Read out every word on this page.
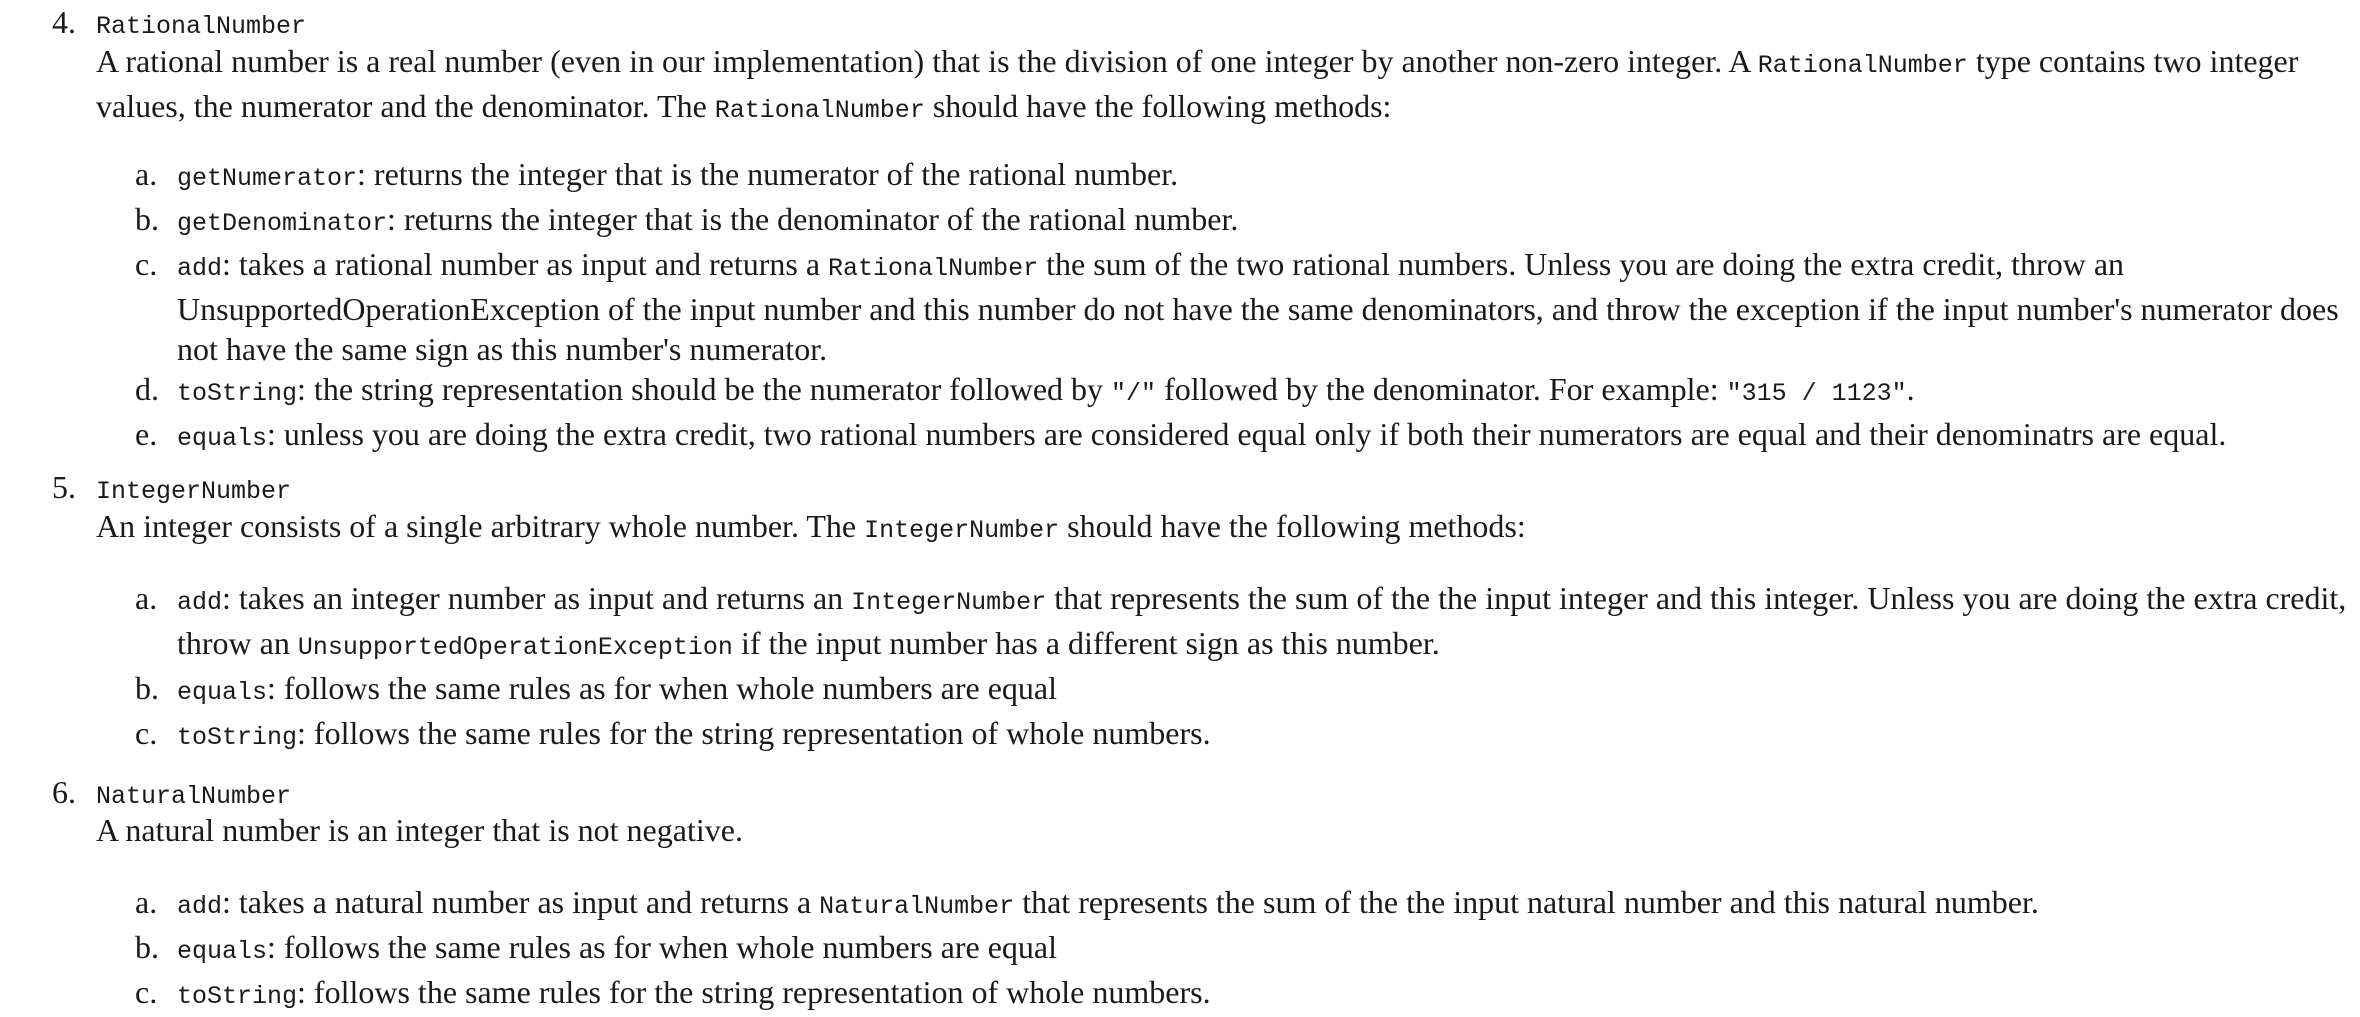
4. RationalNumber
A rational number is a real number (even in our implementation) that is the division of one integer by another non-zero integer. A RationalNumber type contains two integer values, the numerator and the denominator. The RationalNumber should have the following methods:
a. getNumerator: returns the integer that is the numerator of the rational number.
b. getDenominator: returns the integer that is the denominator of the rational number.
c. add: takes a rational number as input and returns a RationalNumber the sum of the two rational numbers. Unless you are doing the extra credit, throw an UnsupportedOperationException of the input number and this number do not have the same denominators, and throw the exception if the input number's numerator does not have the same sign as this number's numerator.
d. toString: the string representation should be the numerator followed by "/" followed by the denominator. For example: "315 / 1123".
e. equals: unless you are doing the extra credit, two rational numbers are considered equal only if both their numerators are equal and their denominatrs are equal.
5. IntegerNumber
An integer consists of a single arbitrary whole number. The IntegerNumber should have the following methods:
a. add: takes an integer number as input and returns an IntegerNumber that represents the sum of the the input integer and this integer. Unless you are doing the extra credit, throw an UnsupportedOperationException if the input number has a different sign as this number.
b. equals: follows the same rules as for when whole numbers are equal
c. toString: follows the same rules for the string representation of whole numbers.
6. NaturalNumber
A natural number is an integer that is not negative.
a. add: takes a natural number as input and returns a NaturalNumber that represents the sum of the the input natural number and this natural number.
b. equals: follows the same rules as for when whole numbers are equal
c. toString: follows the same rules for the string representation of whole numbers.
